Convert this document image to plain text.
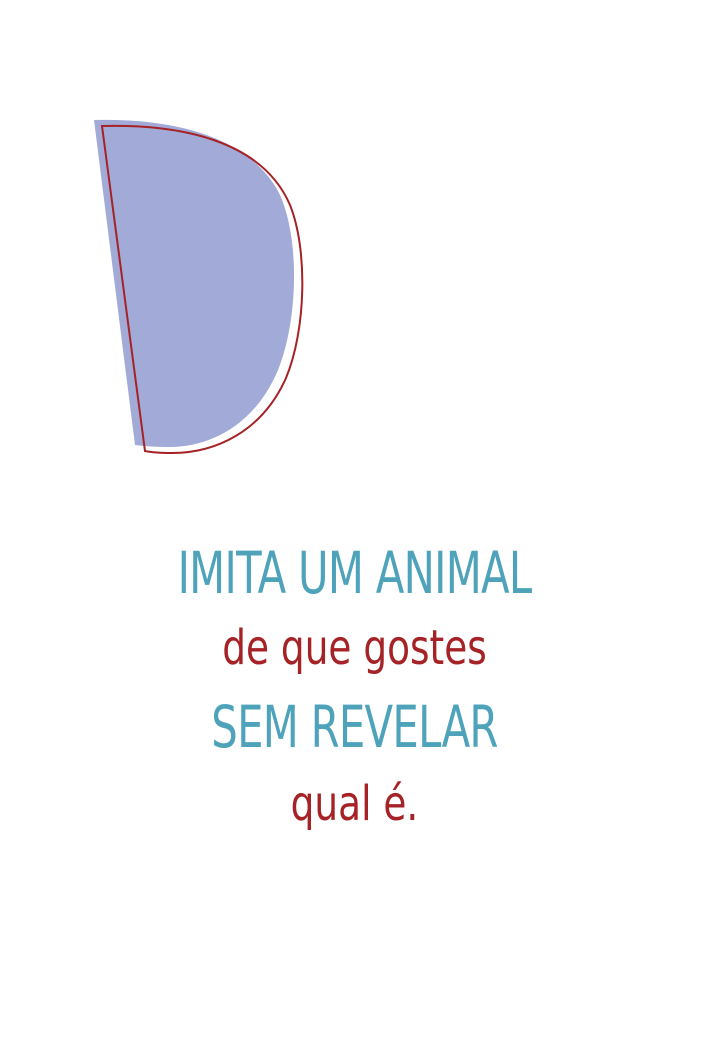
IMITA UM ANIMAL
de que gostes
SEM REVELAR
qual é.
